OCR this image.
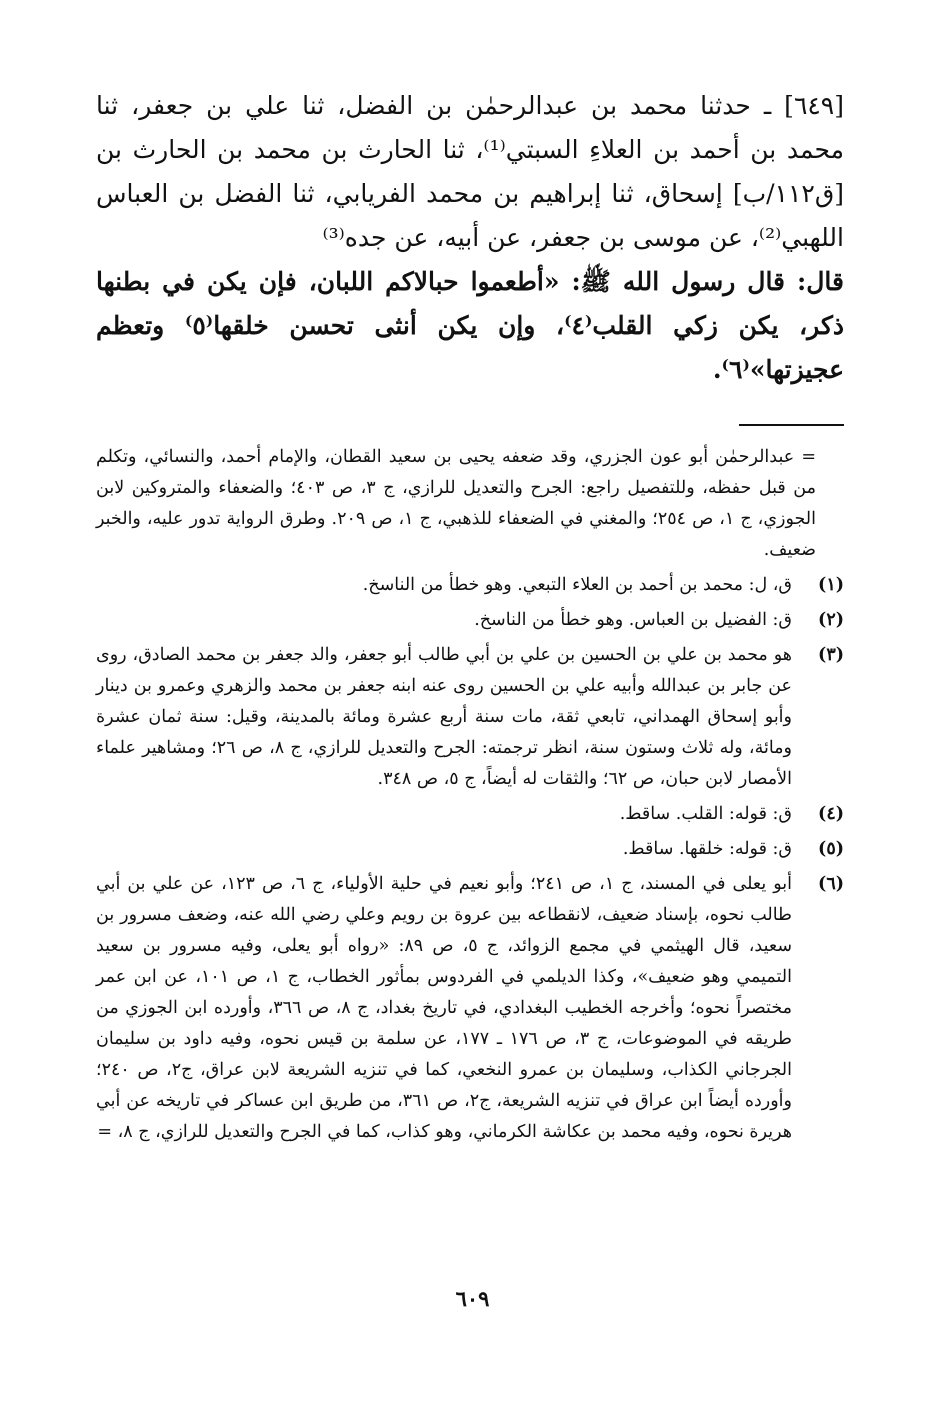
[٦٤٩] ـ حدثنا محمد بن عبدالرحمٰن بن الفضل، ثنا علي بن جعفر، ثنا محمد بن أحمد بن العلاءِ السبتي⁽¹⁾، ثنا الحارث بن محمد بن الحارث بن [ق١١٢/ب] إسحاق، ثنا إبراهيم بن محمد الفريابي، ثنا الفضل بن العباس اللهبي⁽²⁾، عن موسى بن جعفر، عن أبيه، عن جده⁽³⁾
قال: قال رسول الله ﷺ: «أطعموا حبالاكم اللبان، فإن يكن في بطنها ذكر، يكن زكي القلب⁽٤⁾، وإن يكن أنثى تحسن خلقها⁽٥⁾ وتعظم عجيزتها»⁽٦⁾.

= عبدالرحمٰن أبو عون الجزري، وقد ضعفه يحيى بن سعيد القطان، والإمام أحمد، والنسائي، وتكلم من قبل حفظه، وللتفصيل راجع: الجرح والتعديل للرازي، ج ٣، ص ٤٠٣؛ والضعفاء والمتروكين لابن الجوزي، ج ١، ص ٢٥٤؛ والمغني في الضعفاء للذهبي، ج ١، ص ٢٠٩. وطرق الرواية تدور عليه، والخبر ضعيف.

(١)
ق، ل: محمد بن أحمد بن العلاء التبعي. وهو خطأ من الناسخ.
(٢)
ق: الفضيل بن العباس. وهو خطأ من الناسخ.
(٣)
هو محمد بن علي بن الحسين بن علي بن أبي طالب أبو جعفر، والد جعفر بن محمد الصادق، روى عن جابر بن عبدالله وأبيه علي بن الحسين روى عنه ابنه جعفر بن محمد والزهري وعمرو بن دينار وأبو إسحاق الهمداني، تابعي ثقة، مات سنة أربع عشرة ومائة بالمدينة، وقيل: سنة ثمان عشرة ومائة، وله ثلاث وستون سنة، انظر ترجمته: الجرح والتعديل للرازي، ج ٨، ص ٢٦؛ ومشاهير علماء الأمصار لابن حبان، ص ٦٢؛ والثقات له أيضاً، ج ٥، ص ٣٤٨.
(٤)
ق: قوله: القلب. ساقط.
(٥)
ق: قوله: خلقها. ساقط.
(٦)
أبو يعلى في المسند، ج ١، ص ٢٤١؛ وأبو نعيم في حلية الأولياء، ج ٦، ص ١٢٣، عن علي بن أبي طالب نحوه، بإسناد ضعيف، لانقطاعه بين عروة بن رويم وعلي رضي الله عنه، وضعف مسرور بن سعيد، قال الهيثمي في مجمع الزوائد، ج ٥، ص ٨٩: «رواه أبو يعلى، وفيه مسرور بن سعيد التميمي وهو ضعيف»، وكذا الديلمي في الفردوس بمأثور الخطاب، ج ١، ص ١٠١، عن ابن عمر مختصراً نحوه؛ وأخرجه الخطيب البغدادي، في تاريخ بغداد، ج ٨، ص ٣٦٦، وأورده ابن الجوزي من طريقه في الموضوعات، ج ٣، ص ١٧٦ ـ ١٧٧، عن سلمة بن قيس نحوه، وفيه داود بن سليمان الجرجاني الكذاب، وسليمان بن عمرو النخعي، كما في تنزيه الشريعة لابن عراق، ج٢، ص ٢٤٠؛ وأورده أيضاً ابن عراق في تنزيه الشريعة، ج٢، ص ٣٦١، من طريق ابن عساكر في تاريخه عن أبي هريرة نحوه، وفيه محمد بن عكاشة الكرماني، وهو كذاب، كما في الجرح والتعديل للرازي، ج ٨، =
٦٠٩
